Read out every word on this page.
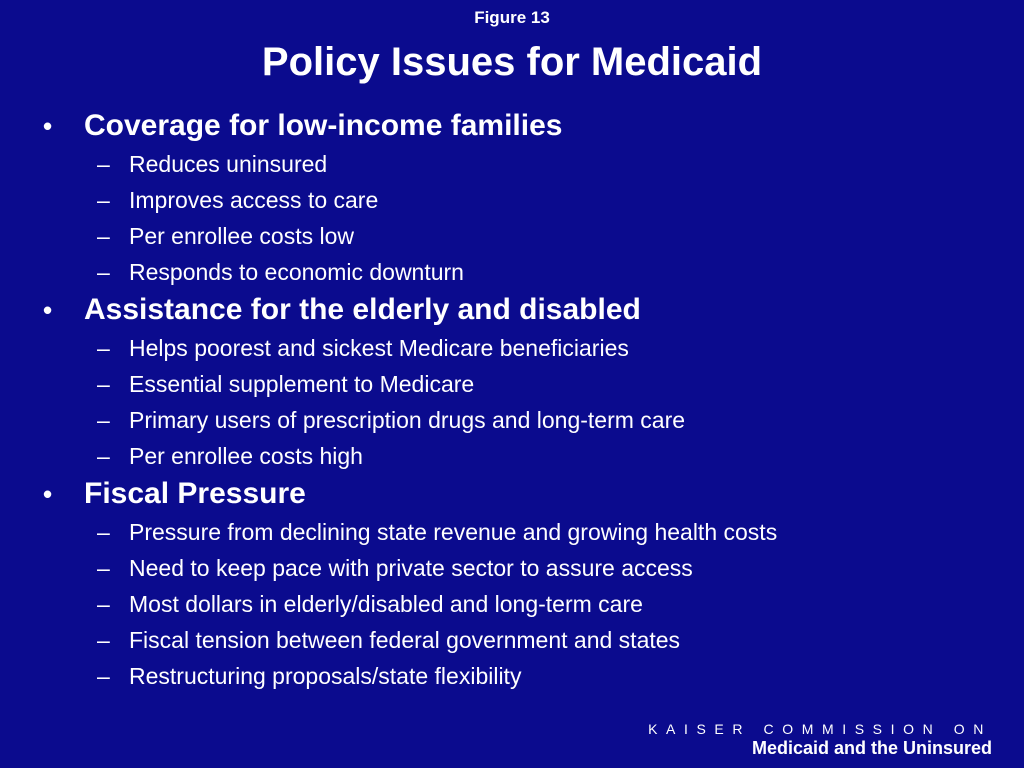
Figure 13
Policy Issues for Medicaid
• Coverage for low-income families
– Reduces uninsured
– Improves access to care
– Per enrollee costs low
– Responds to economic downturn
• Assistance for the elderly and disabled
– Helps poorest and sickest Medicare beneficiaries
– Essential supplement to Medicare
– Primary users of prescription drugs and long-term care
– Per enrollee costs high
• Fiscal Pressure
– Pressure from declining state revenue and growing health costs
– Need to keep pace with private sector to assure access
– Most dollars in elderly/disabled and long-term care
– Fiscal tension between federal government and states
– Restructuring proposals/state flexibility
KAISER COMMISSION ON
Medicaid and the Uninsured
